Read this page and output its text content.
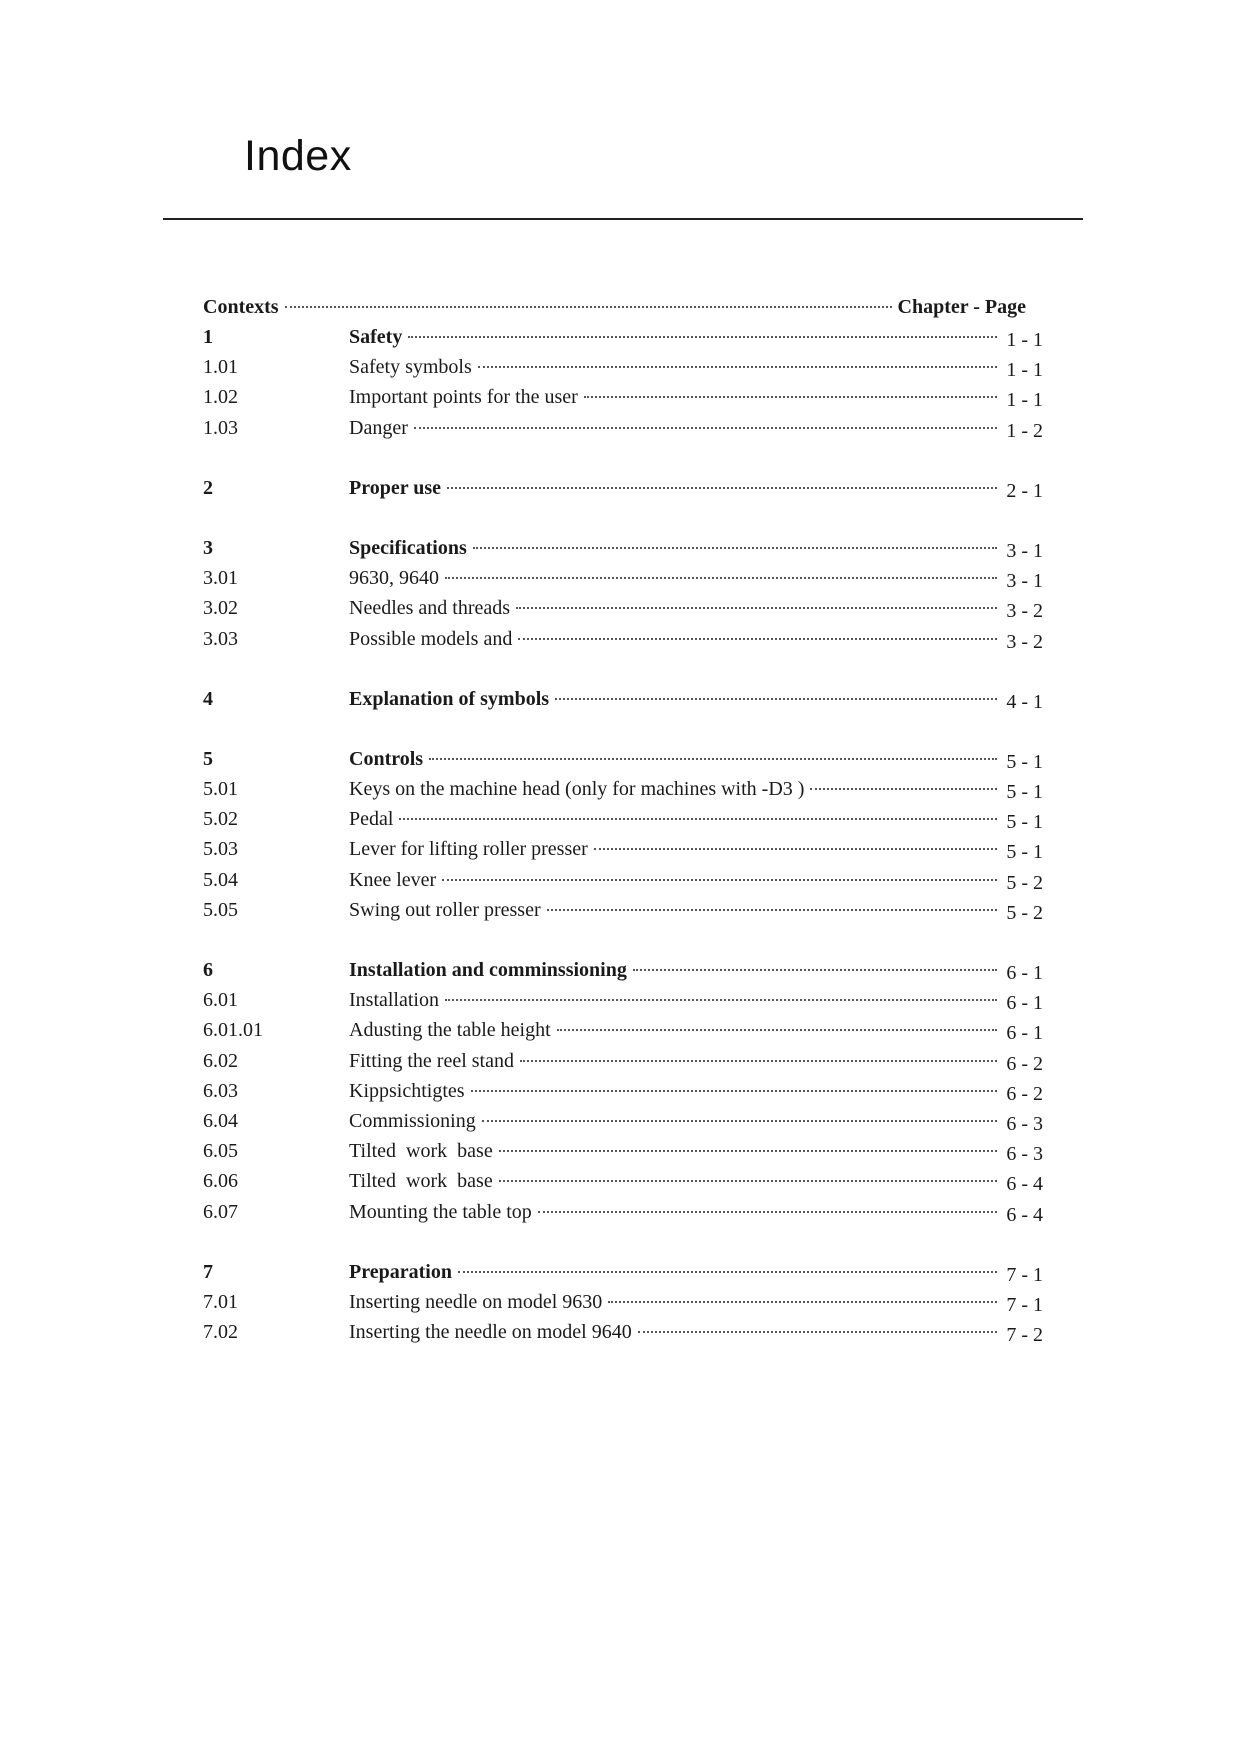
Index
Contexts	Chapter - Page
1	Safety	1 - 1
1.01	Safety symbols	1 - 1
1.02	Important points for the user	1 - 1
1.03	Danger	1 - 2
2	Proper use	2 - 1
3	Specifications	3 - 1
3.01	9630, 9640	3 - 1
3.02	Needles and threads	3 - 2
3.03	Possible models and	3 - 2
4	Explanation of symbols	4 - 1
5	Controls	5 - 1
5.01	Keys on the machine head (only for machines with -D3 )	5 - 1
5.02	Pedal	5 - 1
5.03	Lever for lifting roller presser	5 - 1
5.04	Knee lever	5 - 2
5.05	Swing out roller presser	5 - 2
6	Installation and comminssioning	6 - 1
6.01	Installation	6 - 1
6.01.01	Adusting the table height	6 - 1
6.02	Fitting the reel stand	6 - 2
6.03	Kippsichtigtes	6 - 2
6.04	Commissioning	6 - 3
6.05	Tilted  work  base	6 - 3
6.06	Tilted  work  base	6 - 4
6.07	Mounting the table top	6 - 4
7	Preparation	7 - 1
7.01	Inserting needle on model 9630	7 - 1
7.02	Inserting the needle on model 9640	7 - 2
